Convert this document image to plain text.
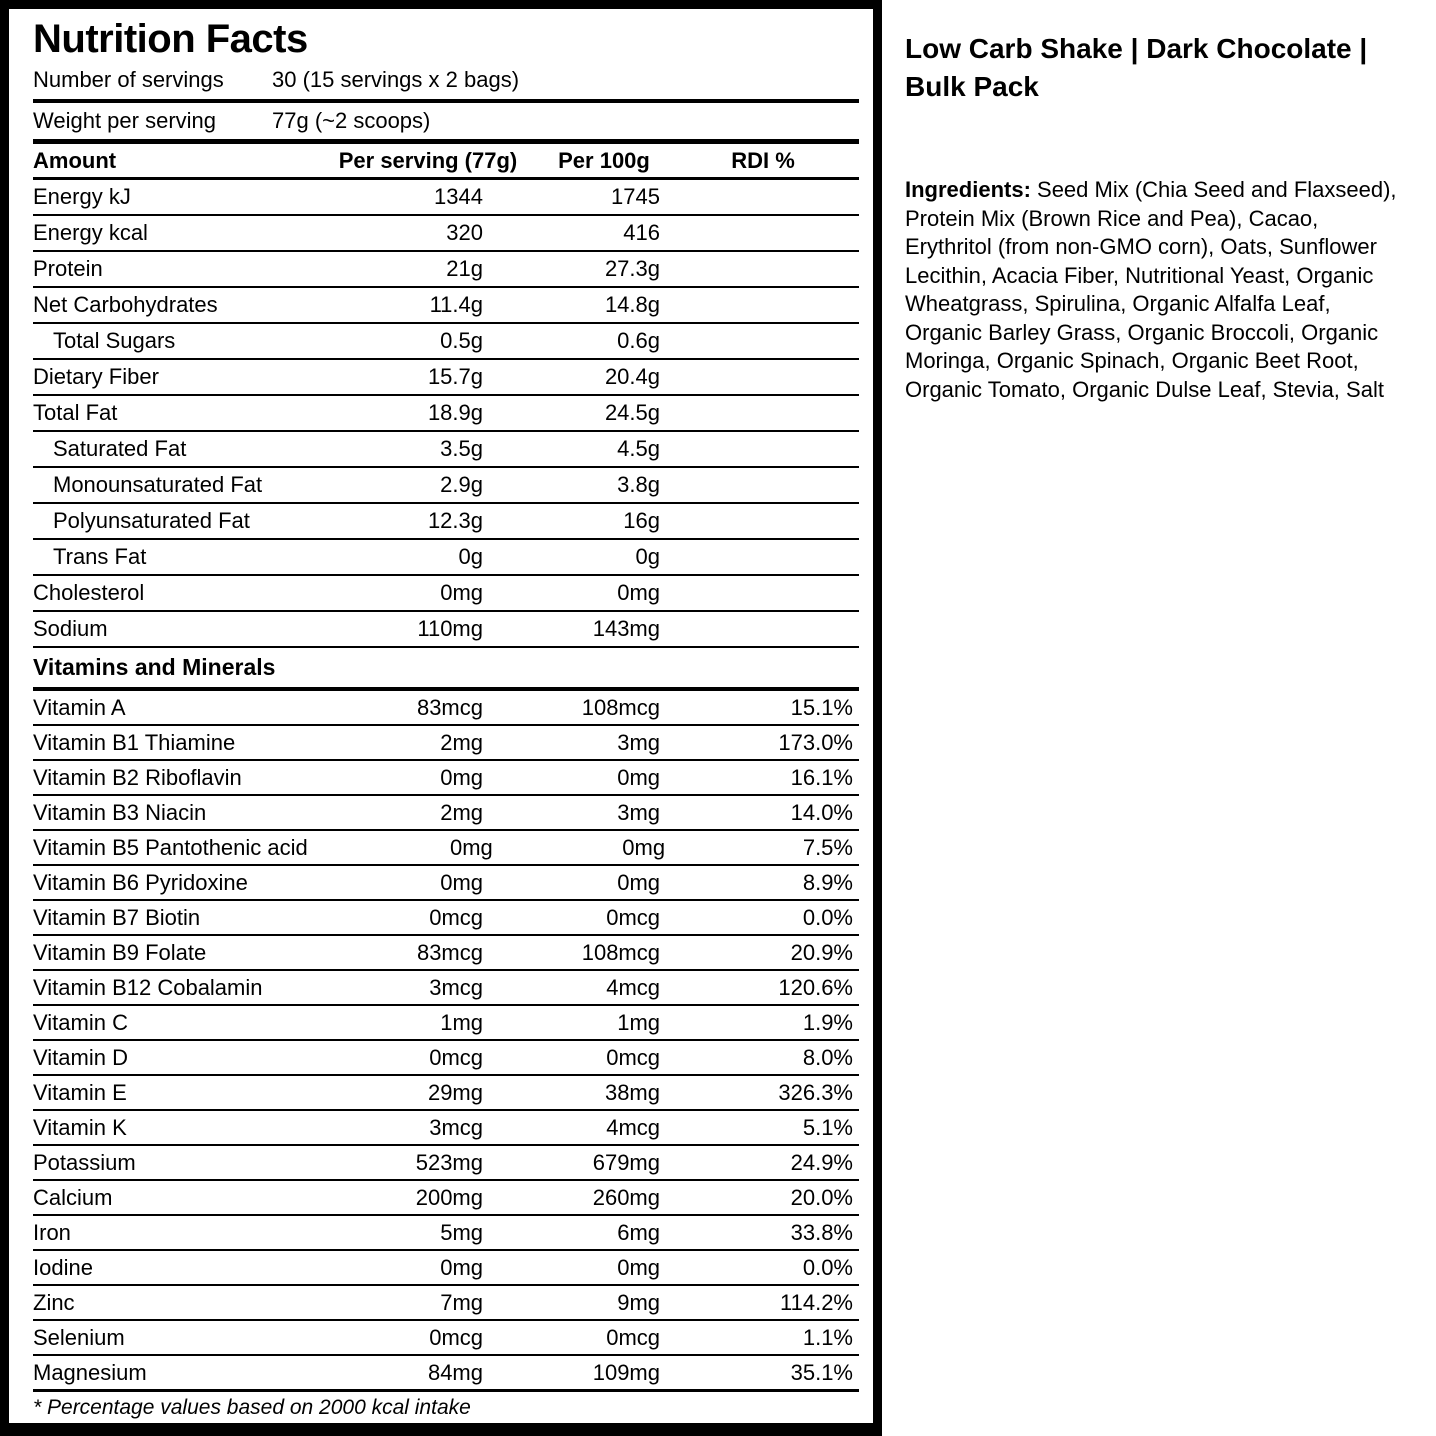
Nutrition Facts
Number of servings	30 (15 servings x 2 bags)
Weight per serving	77g (~2 scoops)
Amount	Per serving (77g)	Per 100g	RDI %
Energy kJ	1344	1745
Energy kcal	320	416
Protein	21g	27.3g
Net Carbohydrates	11.4g	14.8g
Total Sugars	0.5g	0.6g
Dietary Fiber	15.7g	20.4g
Total Fat	18.9g	24.5g
Saturated Fat	3.5g	4.5g
Monounsaturated Fat	2.9g	3.8g
Polyunsaturated Fat	12.3g	16g
Trans Fat	0g	0g
Cholesterol	0mg	0mg
Sodium	110mg	143mg
Vitamins and Minerals
Vitamin A	83mcg	108mcg	15.1%
Vitamin B1 Thiamine	2mg	3mg	173.0%
Vitamin B2 Riboflavin	0mg	0mg	16.1%
Vitamin B3 Niacin	2mg	3mg	14.0%
Vitamin B5 Pantothenic acid	0mg	0mg	7.5%
Vitamin B6 Pyridoxine	0mg	0mg	8.9%
Vitamin B7 Biotin	0mcg	0mcg	0.0%
Vitamin B9 Folate	83mcg	108mcg	20.9%
Vitamin B12 Cobalamin	3mcg	4mcg	120.6%
Vitamin C	1mg	1mg	1.9%
Vitamin D	0mcg	0mcg	8.0%
Vitamin E	29mg	38mg	326.3%
Vitamin K	3mcg	4mcg	5.1%
Potassium	523mg	679mg	24.9%
Calcium	200mg	260mg	20.0%
Iron	5mg	6mg	33.8%
Iodine	0mg	0mg	0.0%
Zinc	7mg	9mg	114.2%
Selenium	0mcg	0mcg	1.1%
Magnesium	84mg	109mg	35.1%
* Percentage values based on 2000 kcal intake
Low Carb Shake | Dark Chocolate | Bulk Pack
Ingredients: Seed Mix (Chia Seed and Flaxseed), Protein Mix (Brown Rice and Pea), Cacao, Erythritol (from non-GMO corn), Oats, Sunflower Lecithin, Acacia Fiber, Nutritional Yeast, Organic Wheatgrass, Spirulina, Organic Alfalfa Leaf, Organic Barley Grass, Organic Broccoli, Organic Moringa, Organic Spinach, Organic Beet Root, Organic Tomato, Organic Dulse Leaf, Stevia, Salt
